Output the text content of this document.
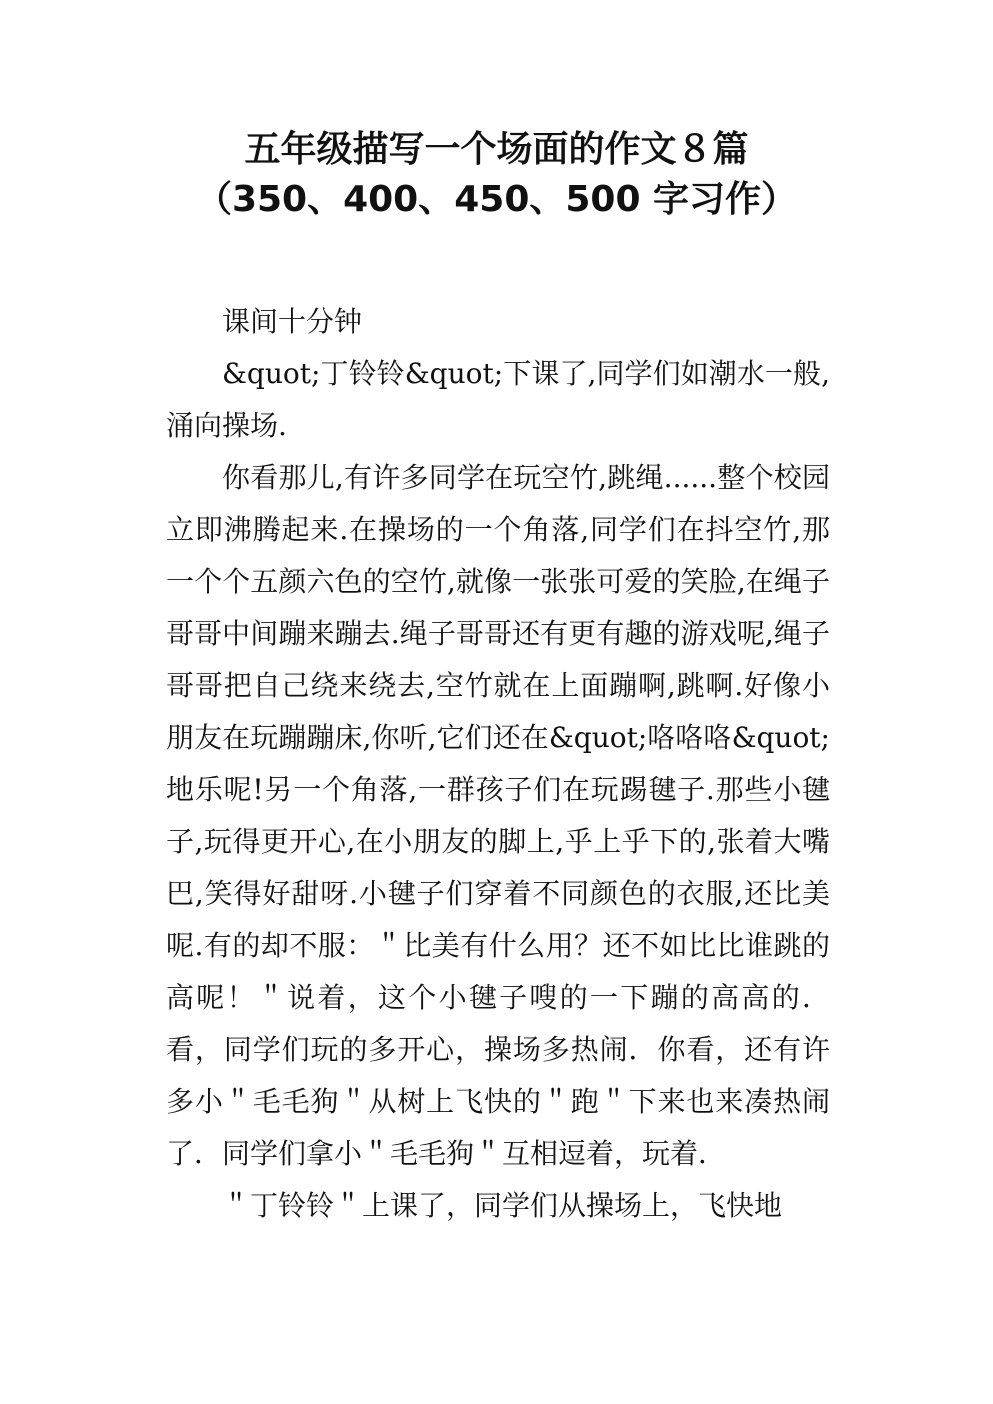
五年级描写一个场面的作文８篇
（350、400、450、500 字习作）

课间十分钟

&quot;丁铃铃&quot;下课了,同学们如潮水一般,涌向操场.

你看那儿,有许多同学在玩空竹,跳绳......整个校园立即沸腾起来.在操场的一个角落,同学们在抖空竹,那一个个五颜六色的空竹,就像一张张可爱的笑脸,在绳子哥哥中间蹦来蹦去.绳子哥哥还有更有趣的游戏呢,绳子哥哥把自己绕来绕去,空竹就在上面蹦啊,跳啊.好像小朋友在玩蹦蹦床,你听,它们还在&quot;咯咯咯&quot;地乐呢!另一个角落,一群孩子们在玩踢毽子.那些小毽子,玩得更开心,在小朋友的脚上,乎上乎下的,张着大嘴巴,笑得好甜呀.小毽子们穿着不同颜色的衣服,还比美呢.有的却不服：＂比美有什么用？还不如比比谁跳的高呢！＂说着，这个小毽子嗖的一下蹦的高高的．看，同学们玩的多开心，操场多热闹．你看，还有许多小＂毛毛狗＂从树上飞快的＂跑＂下来也来凑热闹了．同学们拿小＂毛毛狗＂互相逗着，玩着．

＂丁铃铃＂上课了，同学们从操场上，飞快地
